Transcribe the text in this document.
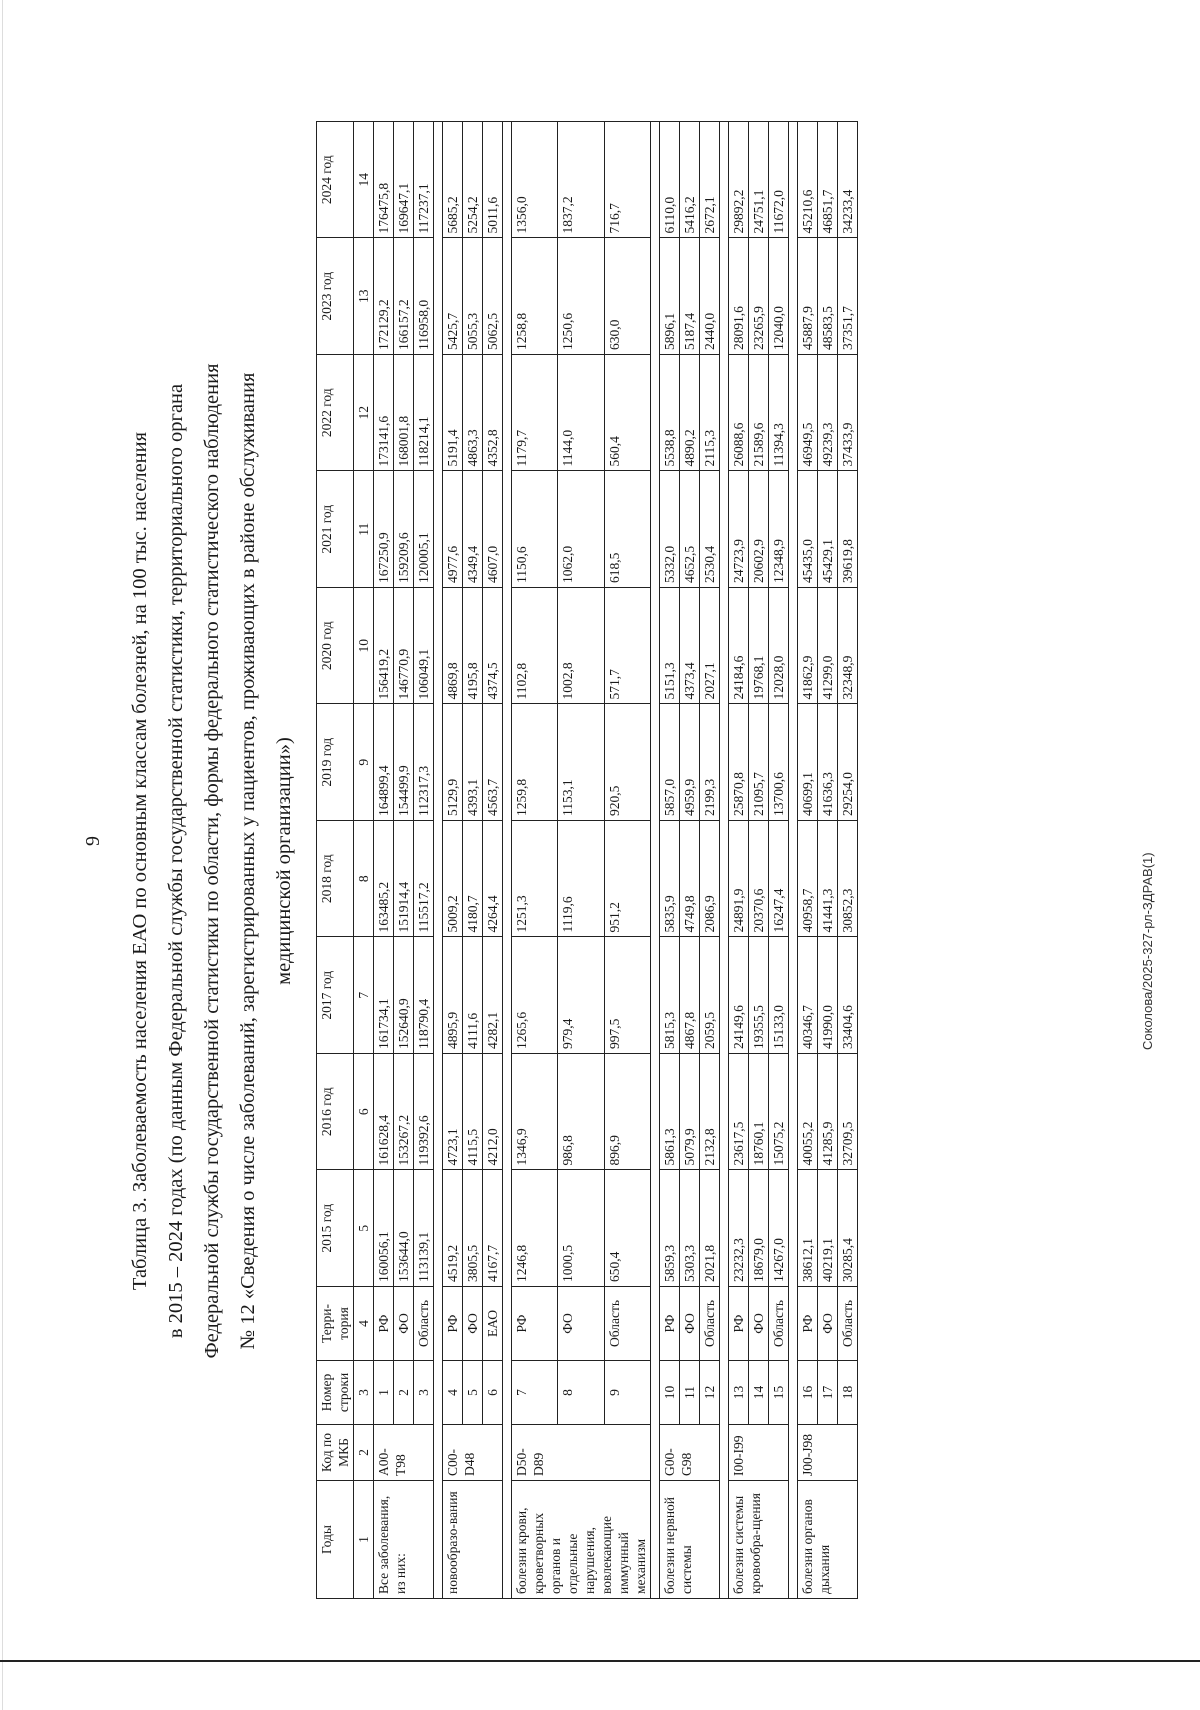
9
Соколова/2025-327-рл-ЗДРАВ(1)

Таблица 3. Заболеваемость населения ЕАО по основным классам болезней, на 100 тыс. населения в 2015 – 2024 годах (по данным Федеральной службы государственной статистики, территориального органа Федеральной службы государственной статистики по области, формы федерального статистического наблюдения № 12 «Сведения о числе заболеваний, зарегистрированных у пациентов, проживающих в районе обслуживания медицинской организации»)

Годы	Код по МКБ	Номер строки	Терри-тория	2015 год	2016 год	2017 год	2018 год	2019 год	2020 год	2021 год	2022 год	2023 год	2024 год
1	2	3	4	5	6	7	8	9	10	11	12	13	14
Все заболевания, из них:	А00-Т98	1	РФ	160056,1	161628,4	161734,1	163485,2	164899,4	156419,2	167250,9	173141,6	172129,2	176475,8
		2	ФО	153644,0	153267,2	152640,9	151914,4	154499,9	146770,9	159209,6	168001,8	166157,2	169647,1
		3	Область	113139,1	119392,6	118790,4	115517,2	112317,3	106049,1	120005,1	118214,1	116958,0	117237,1

новообразо-вания	С00-D48	4	РФ	4519,2	4723,1	4895,9	5009,2	5129,9	4869,8	4977,6	5191,4	5425,7	5685,2
		5	ФО	3805,5	4115,5	4111,6	4180,7	4393,1	4195,8	4349,4	4863,3	5055,3	5254,2
		6	ЕАО	4167,7	4212,0	4282,1	4264,4	4563,7	4374,5	4607,0	4352,8	5062,5	5011,6

болезни крови, кроветворных органов и отдельные нарушения, вовлекающие иммунный механизм	D50-D89	7	РФ	1246,8	1346,9	1265,6	1251,3	1259,8	1102,8	1150,6	1179,7	1258,8	1356,0
		8	ФО	1000,5	986,8	979,4	1119,6	1153,1	1002,8	1062,0	1144,0	1250,6	1837,2
		9	Область	650,4	896,9	997,5	951,2	920,5	571,7	618,5	560,4	630,0	716,7

болезни нервной системы	G00-G98	10	РФ	5859,3	5861,3	5815,3	5835,9	5857,0	5151,3	5332,0	5538,8	5896,1	6110,0
		11	ФО	5303,3	5079,9	4867,8	4749,8	4959,9	4373,4	4652,5	4890,2	5187,4	5416,2
		12	Область	2021,8	2132,8	2059,5	2086,9	2199,3	2027,1	2530,4	2115,3	2440,0	2672,1

болезни системы кровообра-щения	I00-I99	13	РФ	23232,3	23617,5	24149,6	24891,9	25870,8	24184,6	24723,9	26088,6	28091,6	29892,2
		14	ФО	18679,0	18760,1	19355,5	20370,6	21095,7	19768,1	20602,9	21589,6	23265,9	24751,1
		15	Область	14267,0	15075,2	15133,0	16247,4	13700,6	12028,0	12348,9	11394,3	12040,0	11672,0

болезни органов дыхания	J00-J98	16	РФ	38612,1	40055,2	40346,7	40958,7	40699,1	41862,9	45435,0	46949,5	45887,9	45210,6
		17	ФО	40219,1	41285,9	41990,0	41441,3	41636,3	41299,0	45429,1	49239,3	48583,5	46851,7
		18	Область	30285,4	32709,5	33404,6	30852,3	29254,0	32348,9	39619,8	37433,9	37351,7	34233,4
